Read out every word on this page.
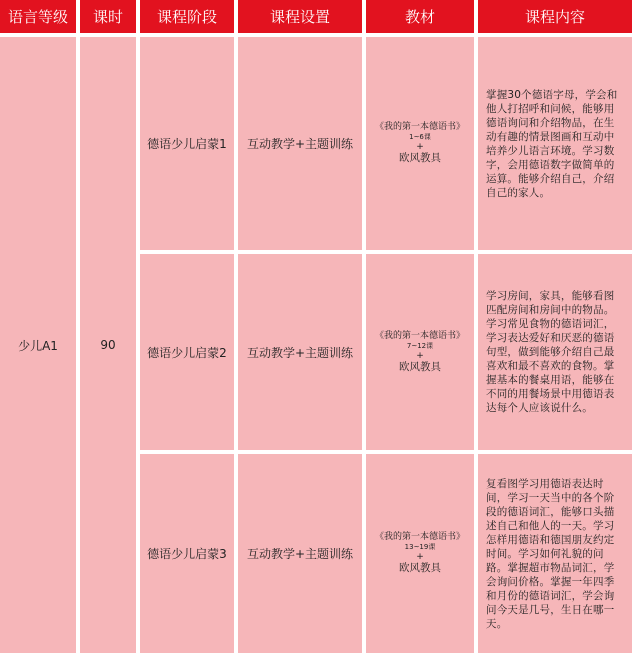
语言等级	课时	课程阶段	课程设置	教材	课程内容
少儿A1	90	德语少儿启蒙1	互动教学+主题训练	《我的第一本德语书》
1~6课
+
欧风教具	掌握30个德语字母，学会和他人打招呼和问候，能够用德语询问和介绍物品，在生动有趣的情景图画和互动中培养少儿语言环境。学习数字，会用德语数字做简单的运算。能够介绍自己，介绍自己的家人。
		德语少儿启蒙2	互动教学+主题训练	《我的第一本德语书》
7~12课
+
欧风教具	学习房间，家具，能够看图匹配房间和房间中的物品。学习常见食物的德语词汇，学习表达爱好和厌恶的德语句型，做到能够介绍自己最喜欢和最不喜欢的食物。掌握基本的餐桌用语，能够在不同的用餐场景中用德语表达每个人应该说什么。
		德语少儿启蒙3	互动教学+主题训练	《我的第一本德语书》
13~19课
+
欧风教具	复看图学习用德语表达时间，学习一天当中的各个阶段的德语词汇，能够口头描述自己和他人的一天。学习怎样用德语和德国朋友约定时间。学习如何礼貌的问路。掌握超市物品词汇，学会询问价格。掌握一年四季和月份的德语词汇，学会询问今天是几号，生日在哪一天。
